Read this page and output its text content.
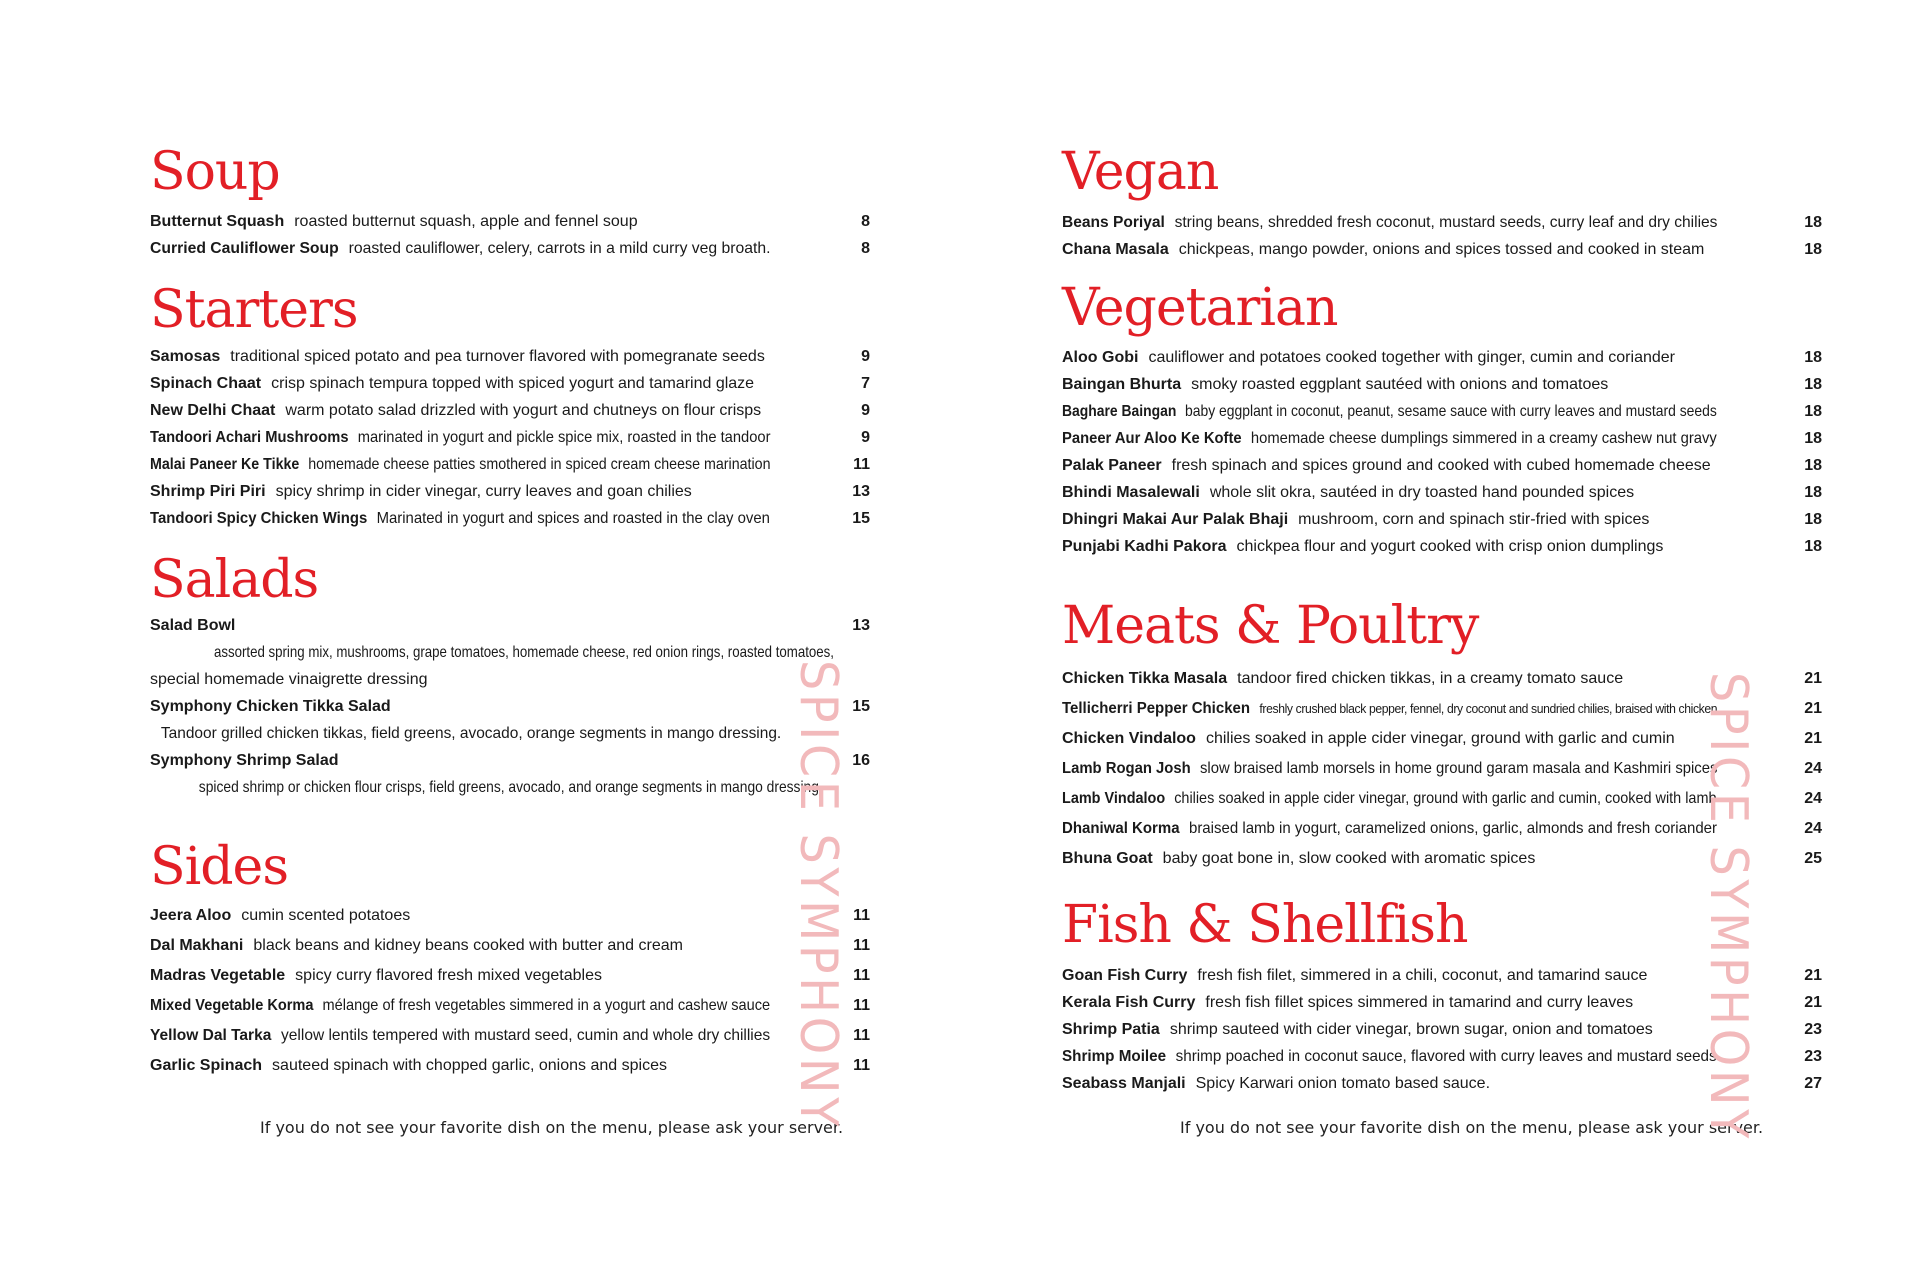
Soup
Butternut Squash roasted butternut squash, apple and fennel soup	8
Curried Cauliflower Soup roasted cauliflower, celery, carrots in a mild curry veg broath.	8
Starters
Samosas traditional spiced potato and pea turnover flavored with pomegranate seeds	9
Spinach Chaat crisp spinach tempura topped with spiced yogurt and tamarind glaze	7
New Delhi Chaat warm potato salad drizzled with yogurt and chutneys on flour crisps	9
Tandoori Achari Mushrooms marinated in yogurt and pickle spice mix, roasted in the tandoor	9
Malai Paneer Ke Tikke homemade cheese patties smothered in spiced cream cheese marination	11
Shrimp Piri Piri spicy shrimp in cider vinegar, curry leaves and goan chilies	13
Tandoori Spicy Chicken Wings Marinated in yogurt and spices and roasted in the clay oven	15
Salads
Salad Bowl	13
assorted spring mix, mushrooms, grape tomatoes, homemade cheese, red onion rings, roasted tomatoes,
special homemade vinaigrette dressing
Symphony Chicken Tikka Salad	15
Tandoor grilled chicken tikkas, field greens, avocado, orange segments in mango dressing.
Symphony Shrimp Salad	16
spiced shrimp or chicken flour crisps, field greens, avocado, and orange segments in mango dressing
Sides
Jeera Aloo cumin scented potatoes	11
Dal Makhani black beans and kidney beans cooked with butter and cream	11
Madras Vegetable spicy curry flavored fresh mixed vegetables	11
Mixed Vegetable Korma mélange of fresh vegetables simmered in a yogurt and cashew sauce	11
Yellow Dal Tarka yellow lentils tempered with mustard seed, cumin and whole dry chillies	11
Garlic Spinach sauteed spinach with chopped garlic, onions and spices	11
If you do not see your favorite dish on the menu, please ask your server.
SPICE SYMPHONY
Vegan
Beans Poriyal string beans, shredded fresh coconut, mustard seeds, curry leaf and dry chilies	18
Chana Masala chickpeas, mango powder, onions and spices tossed and cooked in steam	18
Vegetarian
Aloo Gobi cauliflower and potatoes cooked together with ginger, cumin and coriander	18
Baingan Bhurta smoky roasted eggplant sautéed with onions and tomatoes	18
Baghare Baingan baby eggplant in coconut, peanut, sesame sauce with curry leaves and mustard seeds	18
Paneer Aur Aloo Ke Kofte homemade cheese dumplings simmered in a creamy cashew nut gravy	18
Palak Paneer fresh spinach and spices ground and cooked with cubed homemade cheese	18
Bhindi Masalewali whole slit okra, sautéed in dry toasted hand pounded spices	18
Dhingri Makai Aur Palak Bhaji mushroom, corn and spinach stir-fried with spices	18
Punjabi Kadhi Pakora chickpea flour and yogurt cooked with crisp onion dumplings	18
Meats & Poultry
Chicken Tikka Masala tandoor fired chicken tikkas, in a creamy tomato sauce	21
Tellicherri Pepper Chicken freshly crushed black pepper, fennel, dry coconut and sundried chilies, braised with chicken	21
Chicken Vindaloo chilies soaked in apple cider vinegar, ground with garlic and cumin	21
Lamb Rogan Josh slow braised lamb morsels in home ground garam masala and Kashmiri spices	24
Lamb Vindaloo chilies soaked in apple cider vinegar, ground with garlic and cumin, cooked with lamb	24
Dhaniwal Korma braised lamb in yogurt, caramelized onions, garlic, almonds and fresh coriander	24
Bhuna Goat baby goat bone in, slow cooked with aromatic spices	25
Fish & Shellfish
Goan Fish Curry fresh fish filet, simmered in a chili, coconut, and tamarind sauce	21
Kerala Fish Curry fresh fish fillet spices simmered in tamarind and curry leaves	21
Shrimp Patia shrimp sauteed with cider vinegar, brown sugar, onion and tomatoes	23
Shrimp Moilee shrimp poached in coconut sauce, flavored with curry leaves and mustard seeds	23
Seabass Manjali Spicy Karwari onion tomato based sauce.	27
If you do not see your favorite dish on the menu, please ask your server.
SPICE SYMPHONY
